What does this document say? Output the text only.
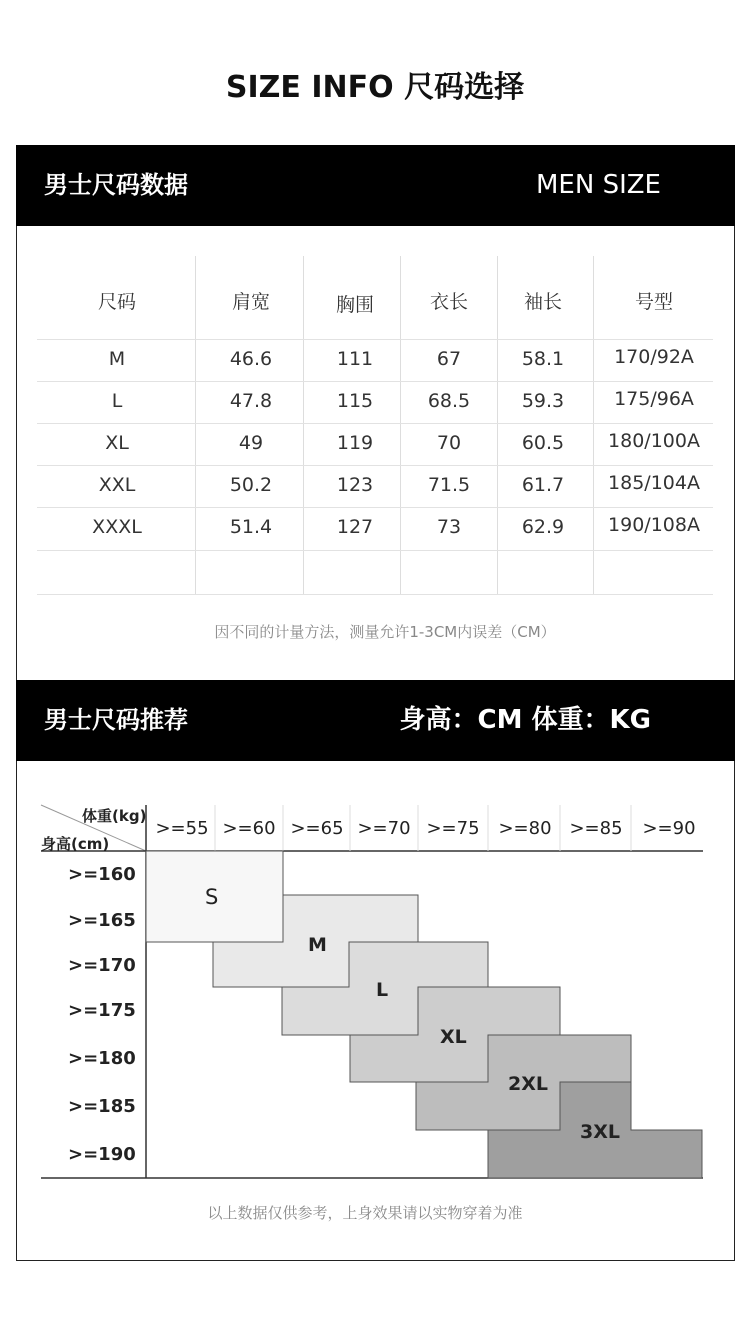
SIZE INFO 尺码选择
男士尺码数据	MEN SIZE
尺码	肩宽	胸围	衣长	袖长	号型
M	46.6	111	67	58.1	170/92A
L	47.8	115	68.5	59.3	175/96A
XL	49	119	70	60.5	180/100A
XXL	50.2	123	71.5	61.7	185/104A
XXXL	51.4	127	73	62.9	190/108A
因不同的计量方法，测量允许1-3CM内误差（CM）
男士尺码推荐	身高：CM 体重：KG
体重(kg)
身高(cm)
>=55 >=60 >=65 >=70 >=75	>=80 >=85	>=90
>=160
>=165
>=170
>=175
>=180
>=185
>=190
S
M
L
XL
2XL
3XL
以上数据仅供参考，上身效果请以实物穿着为准
